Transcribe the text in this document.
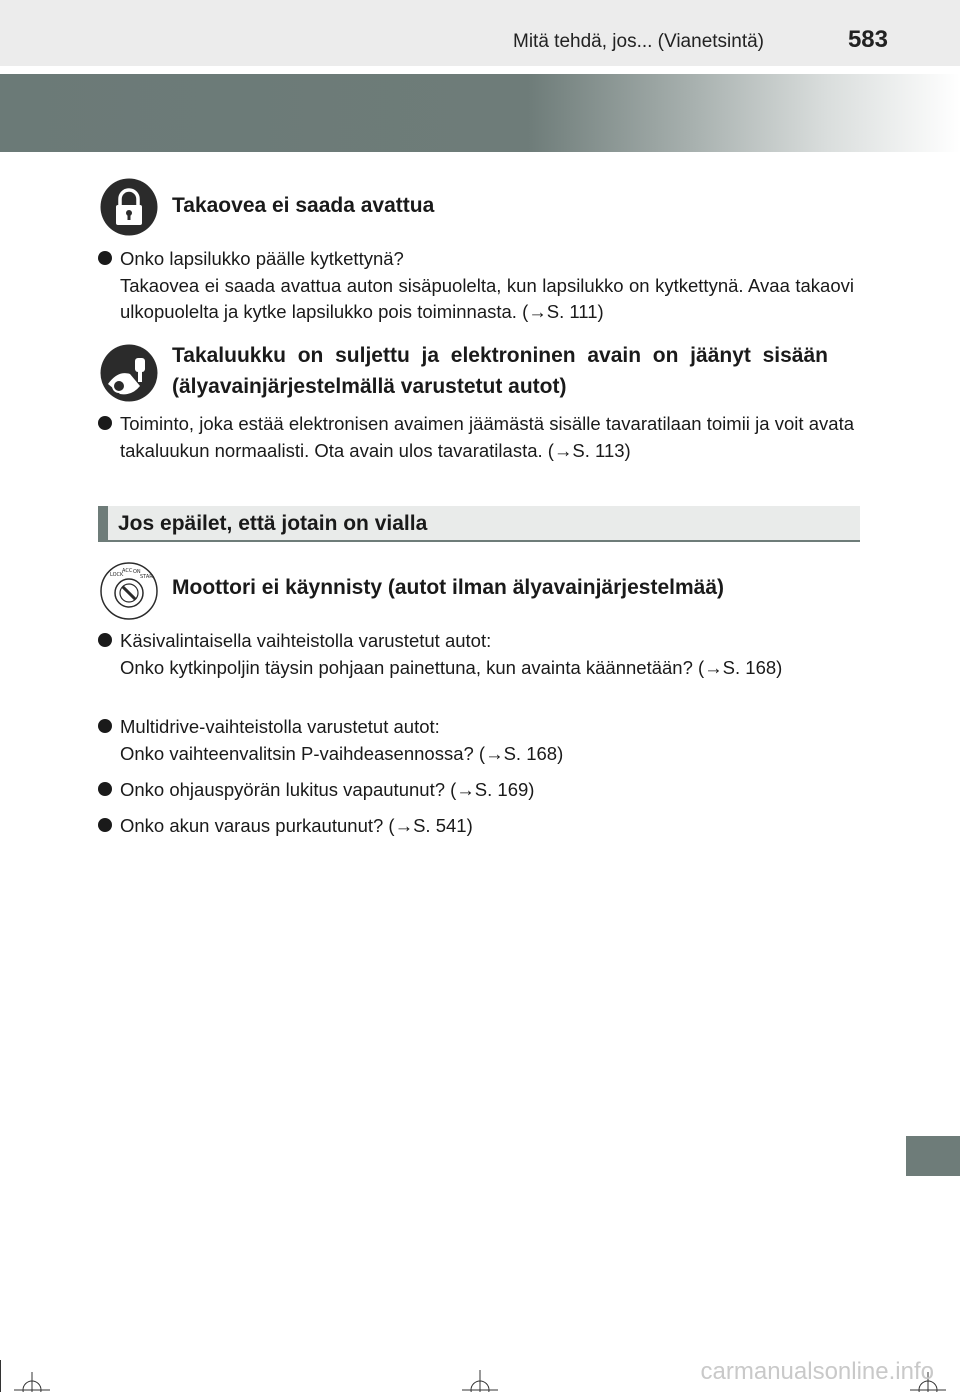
Mitä tehdä, jos... (Vianetsintä)	583
Takaovea ei saada avattua

Onko lapsilukko päälle kytkettynä?

Takaovea ei saada avattua auton sisäpuolelta, kun lapsilukko on kytkettynä. Avaa takaovi ulkopuolelta ja kytke lapsilukko pois toiminnasta. (→S. 111)

Takaluukku on suljettu ja elektroninen avain on jäänyt sisään (älyavainjärjestelmällä varustetut autot)

Toiminto, joka estää elektronisen avaimen jäämästä sisälle tavaratilaan toimii ja voit avata takaluukun normaalisti. Ota avain ulos tavaratilasta. (→S. 113)

Jos epäilet, että jotain on vialla
LOCK
ACC ON
START Moottori ei käynnisty (autot ilman älyavainjärjestelmää)

Käsivalintaisella vaihteistolla varustetut autot:

Onko kytkinpoljin täysin pohjaan painettuna, kun avainta käännetään? (→S. 168)

Multidrive-vaihteistolla varustetut autot:

Onko vaihteenvalitsin P-vaihdeasennossa? (→S. 168)

Onko ohjauspyörän lukitus vapautunut? (→S. 169)

Onko akun varaus purkautunut? (→S. 541)

carmanualsonline.info
